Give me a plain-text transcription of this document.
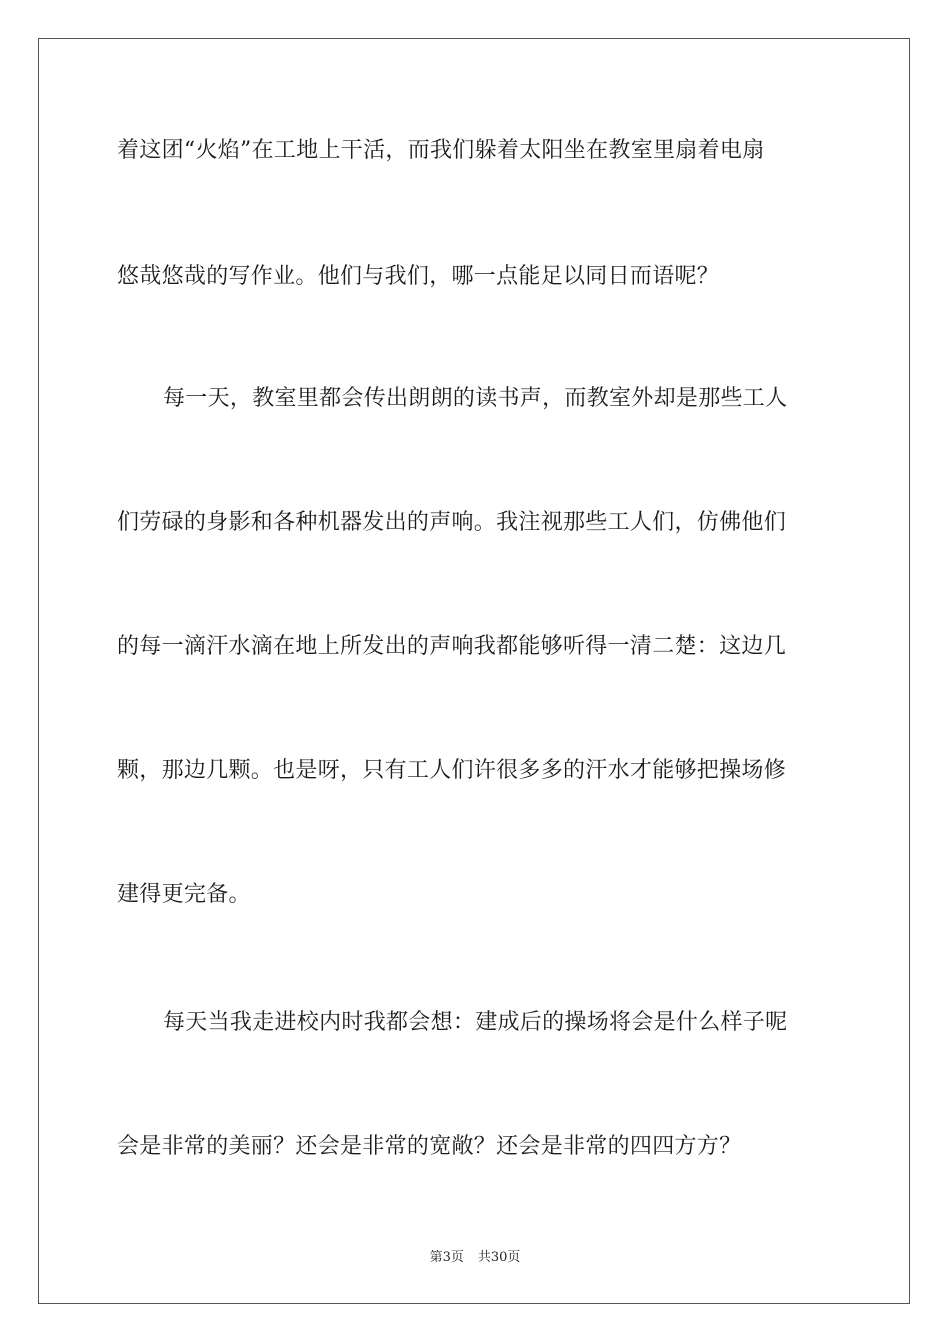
着这团“火焰”在工地上干活，而我们躲着太阳坐在教室里扇着电扇
悠哉悠哉的写作业。他们与我们，哪一点能足以同日而语呢？
每一天，教室里都会传出朗朗的读书声，而教室外却是那些工人
们劳碌的身影和各种机器发出的声响。我注视那些工人们，仿佛他们
的每一滴汗水滴在地上所发出的声响我都能够听得一清二楚：这边几
颗，那边几颗。也是呀，只有工人们许很多多的汗水才能够把操场修
建得更完备。
每天当我走进校内时我都会想：建成后的操场将会是什么样子呢
会是非常的美丽？还会是非常的宽敞？还会是非常的四四方方？
第3页 共30页
